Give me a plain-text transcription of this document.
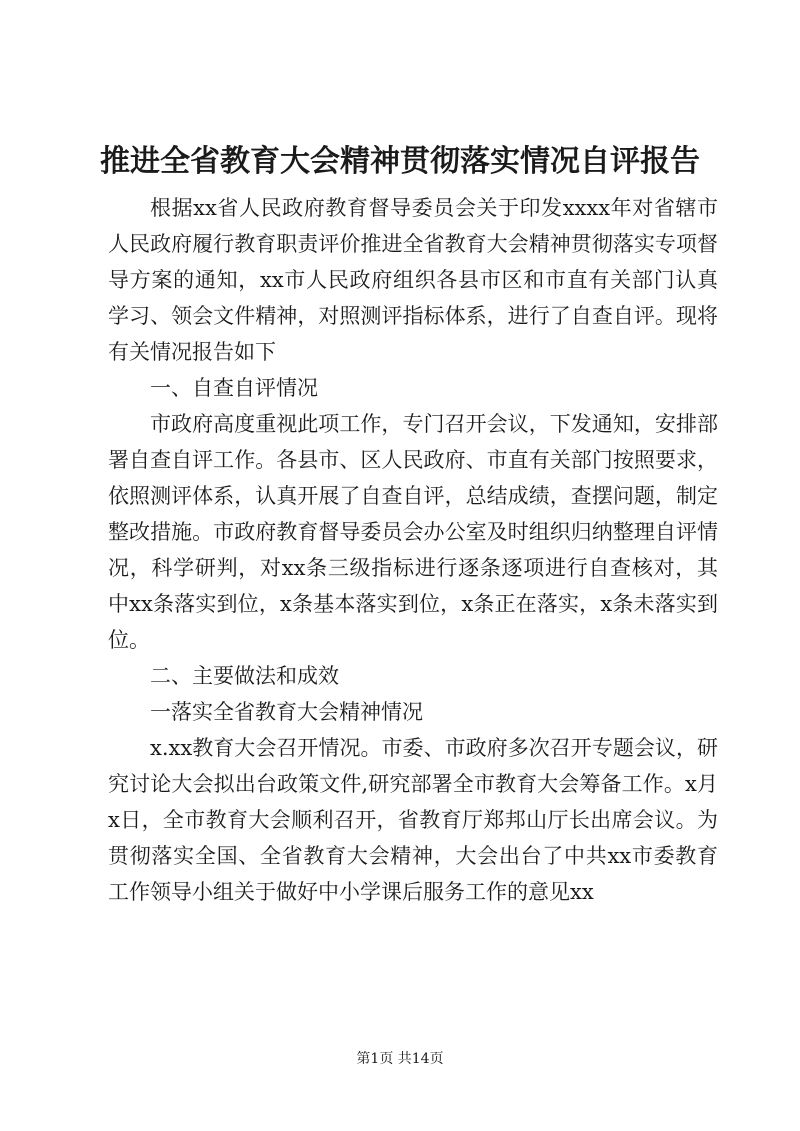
推进全省教育大会精神贯彻落实情况自评报告

根据xx省人民政府教育督导委员会关于印发xxxx年对省辖市人民政府履行教育职责评价推进全省教育大会精神贯彻落实专项督导方案的通知，xx市人民政府组织各县市区和市直有关部门认真学习、领会文件精神，对照测评指标体系，进行了自查自评。现将有关情况报告如下

一、自查自评情况

市政府高度重视此项工作，专门召开会议，下发通知，安排部署自查自评工作。各县市、区人民政府、市直有关部门按照要求，依照测评体系，认真开展了自查自评，总结成绩，查摆问题，制定整改措施。市政府教育督导委员会办公室及时组织归纳整理自评情况，科学研判，对xx条三级指标进行逐条逐项进行自查核对，其中xx条落实到位，x条基本落实到位，x条正在落实，x条未落实到位。

二、主要做法和成效

一落实全省教育大会精神情况

x.xx教育大会召开情况。市委、市政府多次召开专题会议，研究讨论大会拟出台政策文件,研究部署全市教育大会筹备工作。x月x日，全市教育大会顺利召开，省教育厅郑邦山厅长出席会议。为贯彻落实全国、全省教育大会精神，大会出台了中共xx市委教育工作领导小组关于做好中小学课后服务工作的意见xx

第1页 共14页
